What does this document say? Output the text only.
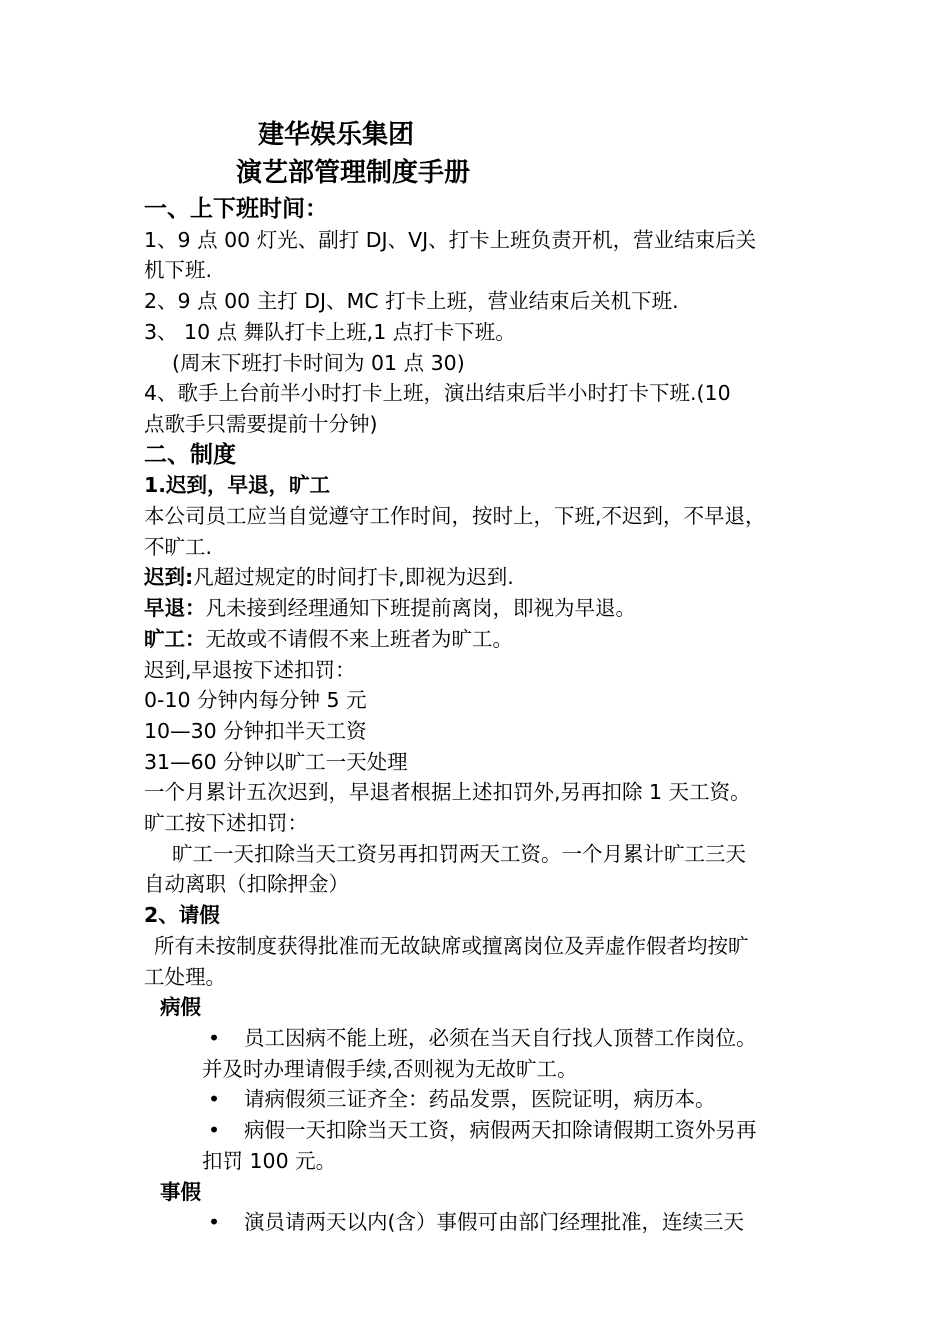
建华娱乐集团
演艺部管理制度手册

一、上下班时间：

1、9 点 00 灯光、副打 DJ、VJ、打卡上班负责开机，营业结束后关

机下班.

2、9 点 00 主打 DJ、MC 打卡上班，营业结束后关机下班.

3、 10 点 舞队打卡上班,1 点打卡下班。

(周末下班打卡时间为 01 点 30)

4、歌手上台前半小时打卡上班，演出结束后半小时打卡下班.(10

点歌手只需要提前十分钟)

二、制度

1.迟到，早退，旷工

本公司员工应当自觉遵守工作时间，按时上，下班,不迟到，不早退，

不旷工.

迟到:凡超过规定的时间打卡,即视为迟到.

早退：凡未接到经理通知下班提前离岗，即视为早退。

旷工：无故或不请假不来上班者为旷工。

迟到,早退按下述扣罚：

0-10 分钟内每分钟 5 元

10—30 分钟扣半天工资

31—60 分钟以旷工一天处理

一个月累计五次迟到，早退者根据上述扣罚外,另再扣除 1 天工资。

旷工按下述扣罚：

旷工一天扣除当天工资另再扣罚两天工资。一个月累计旷工三天

自动离职（扣除押金）

2、请假

所有未按制度获得批准而无故缺席或擅离岗位及弄虚作假者均按旷

工处理。

病假

• 员工因病不能上班，必须在当天自行找人顶替工作岗位。

并及时办理请假手续,否则视为无故旷工。

• 请病假须三证齐全：药品发票，医院证明，病历本。

• 病假一天扣除当天工资，病假两天扣除请假期工资外另再

扣罚 100 元。

事假

• 演员请两天以内(含）事假可由部门经理批准，连续三天
